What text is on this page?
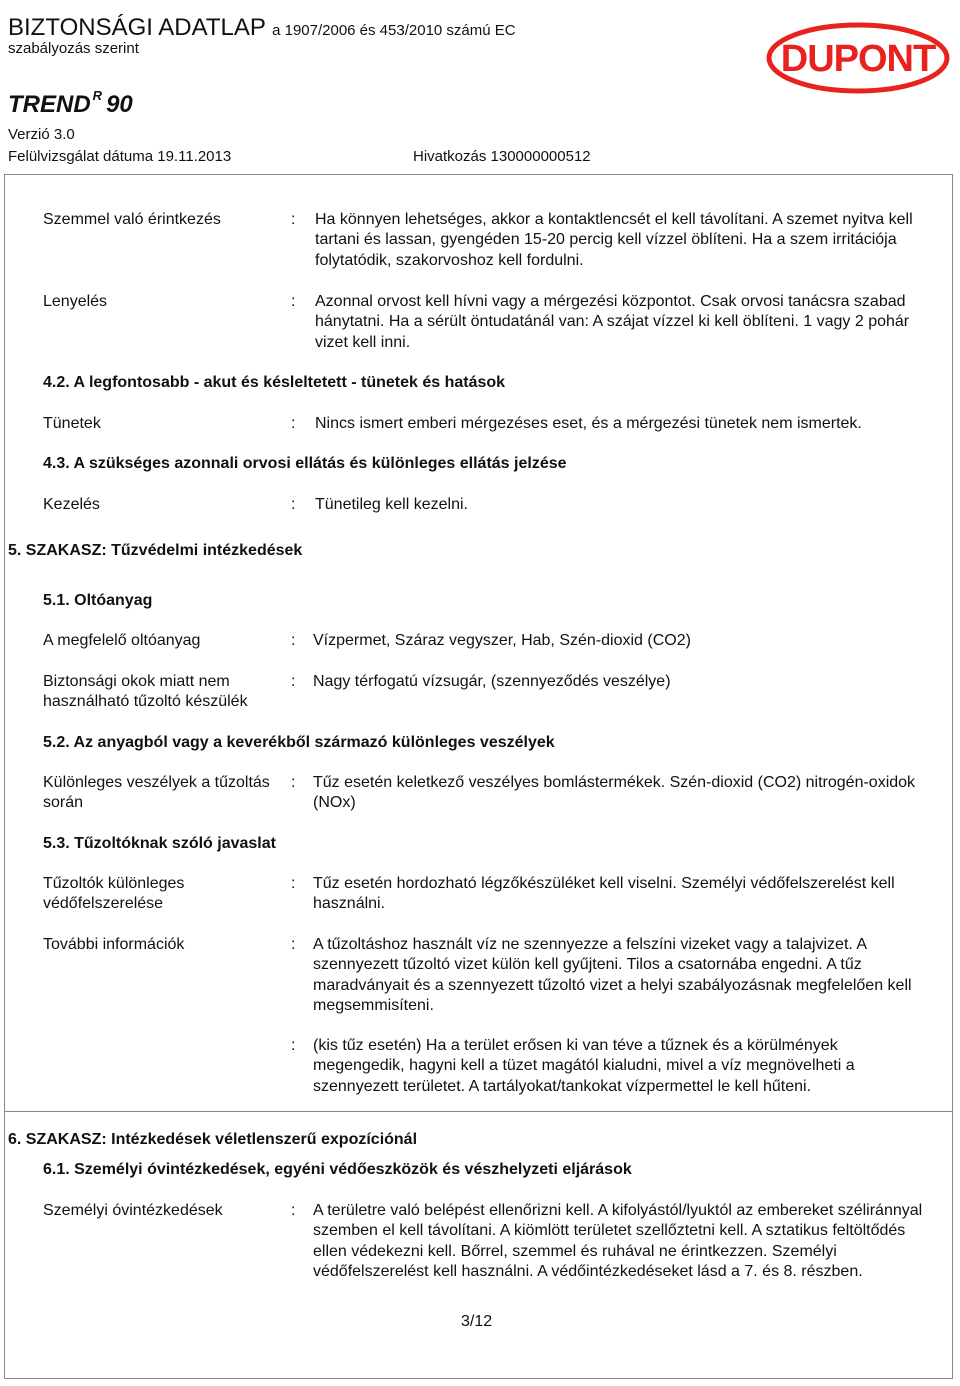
BIZTONSÁGI ADATLAP a 1907/2006 és 453/2010 számú EC
szabályozás szerint
TREND $^R$ 90
Verzió 3.0
Felülvizsgálat dátuma 19.11.2013	Hivatkozás 130000000512
DUPONT
Szemmel való érintkezés	: Ha könnyen lehetséges, akkor a kontaktlencsét el kell távolítani. A szemet nyitva kell tartani és lassan, gyengéden 15-20 percig kell vízzel öblíteni. Ha a szem irritációja folytatódik, szakorvoshoz kell fordulni.
Lenyelés	: Azonnal orvost kell hívni vagy a mérgezési központot. Csak orvosi tanácsra szabad hánytatni. Ha a sérült öntudatánál van: A szájat vízzel ki kell öblíteni. 1 vagy 2 pohár vizet kell inni.
4.2. A legfontosabb - akut és késleltetett - tünetek és hatások
Tünetek	: Nincs ismert emberi mérgezéses eset, és a mérgezési tünetek nem ismertek.
4.3. A szükséges azonnali orvosi ellátás és különleges ellátás jelzése
Kezelés	: Tünetileg kell kezelni.
5. SZAKASZ: Tűzvédelmi intézkedések
5.1. Oltóanyag
A megfelelő oltóanyag	: Vízpermet, Száraz vegyszer, Hab, Szén-dioxid (CO2)
Biztonsági okok miatt nem használható tűzoltó készülék
: Nagy térfogatú vízsugár, (szennyeződés veszélye)
5.2. Az anyagból vagy a keverékből származó különleges veszélyek
Különleges veszélyek a tűzoltás során
: Tűz esetén keletkező veszélyes bomlástermékek. Szén-dioxid (CO2) nitrogén-oxidok (NOx)
5.3. Tűzoltóknak szóló javaslat
Tűzoltók különleges védőfelszerelése
: Tűz esetén hordozható légzőkészüléket kell viselni. Személyi védőfelszerelést kell használni.
További információk	: A tűzoltáshoz használt víz ne szennyezze a felszíni vizeket vagy a talajvizet. A szennyezett tűzoltó vizet külön kell gyűjteni. Tilos a csatornába engedni. A tűz maradványait és a szennyezett tűzoltó vizet a helyi szabályozásnak megfelelően kell megsemmisíteni.
: (kis tűz esetén) Ha a terület erősen ki van téve a tűznek és a körülmények megengedik, hagyni kell a tüzet magától kialudni, mivel a víz megnövelheti a szennyezett területet. A tartályokat/tankokat vízpermettel le kell hűteni.
6. SZAKASZ: Intézkedések véletlenszerű expozíciónál
6.1. Személyi óvintézkedések, egyéni védőeszközök és vészhelyzeti eljárások
Személyi óvintézkedések	: A területre való belépést ellenőrizni kell. A kifolyástól/lyuktól az embereket széliránnyal szemben el kell távolítani. A kiömlött területet szellőztetni kell. A sztatikus feltöltődés ellen védekezni kell. Bőrrel, szemmel és ruhával ne érintkezzen. Személyi védőfelszerelést kell használni. A védőintézkedéseket lásd a 7. és 8. részben.
3/12
